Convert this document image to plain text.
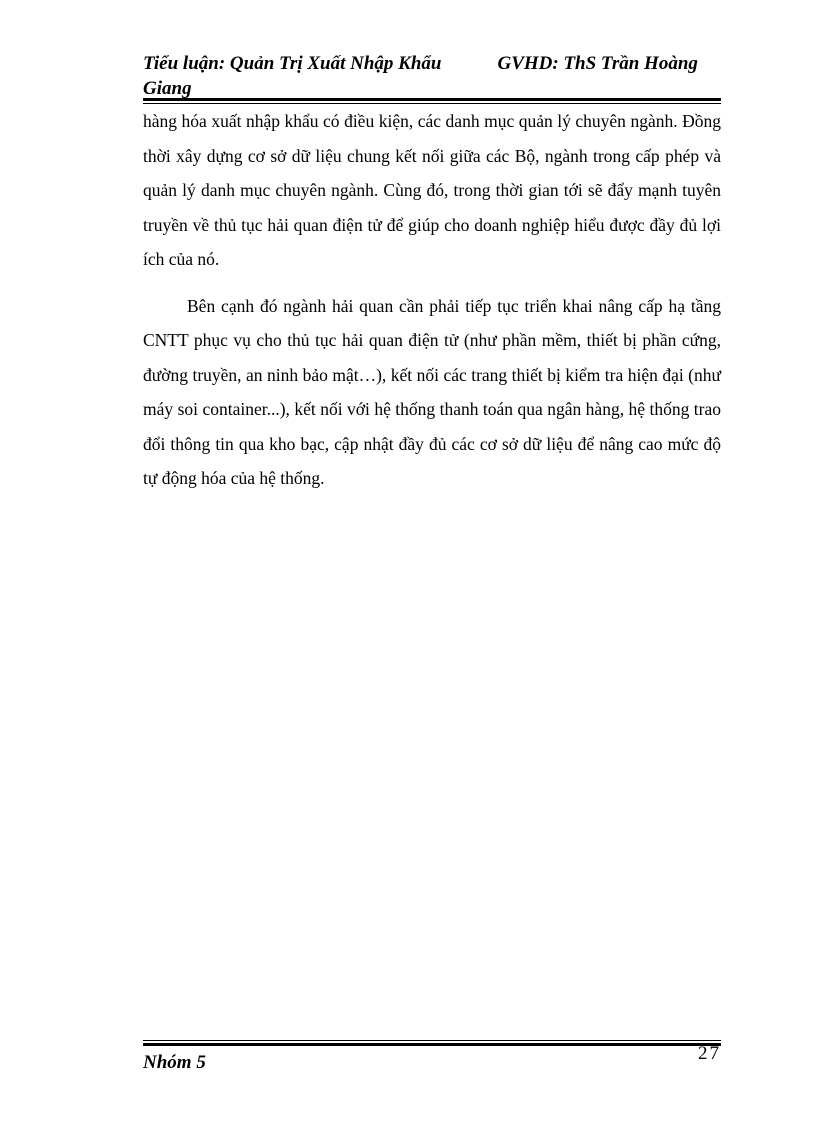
Tiểu luận: Quản Trị Xuất Nhập Khẩu	GVHD: ThS Trần Hoàng Giang

hàng hóa xuất nhập khẩu có điều kiện, các danh mục quản lý chuyên ngành. Đồng thời xây dựng cơ sở dữ liệu chung kết nối giữa các Bộ, ngành trong cấp phép và quản lý danh mục chuyên ngành. Cùng đó, trong thời gian tới sẽ đẩy mạnh tuyên truyền về thủ tục hải quan điện tử để giúp cho doanh nghiệp hiểu được đầy đủ lợi ích của nó.

Bên cạnh đó ngành hải quan cần phải tiếp tục triển khai nâng cấp hạ tầng CNTT phục vụ cho thủ tục hải quan điện tử (như phần mềm, thiết bị phần cứng, đường truyền, an ninh bảo mật…), kết nối các trang thiết bị kiểm tra hiện đại (như máy soi container...), kết nối với hệ thống thanh toán qua ngân hàng, hệ thống trao đổi thông tin qua kho bạc, cập nhật đầy đủ các cơ sở dữ liệu để nâng cao mức độ tự động hóa của hệ thống.

Nhóm 5	27
